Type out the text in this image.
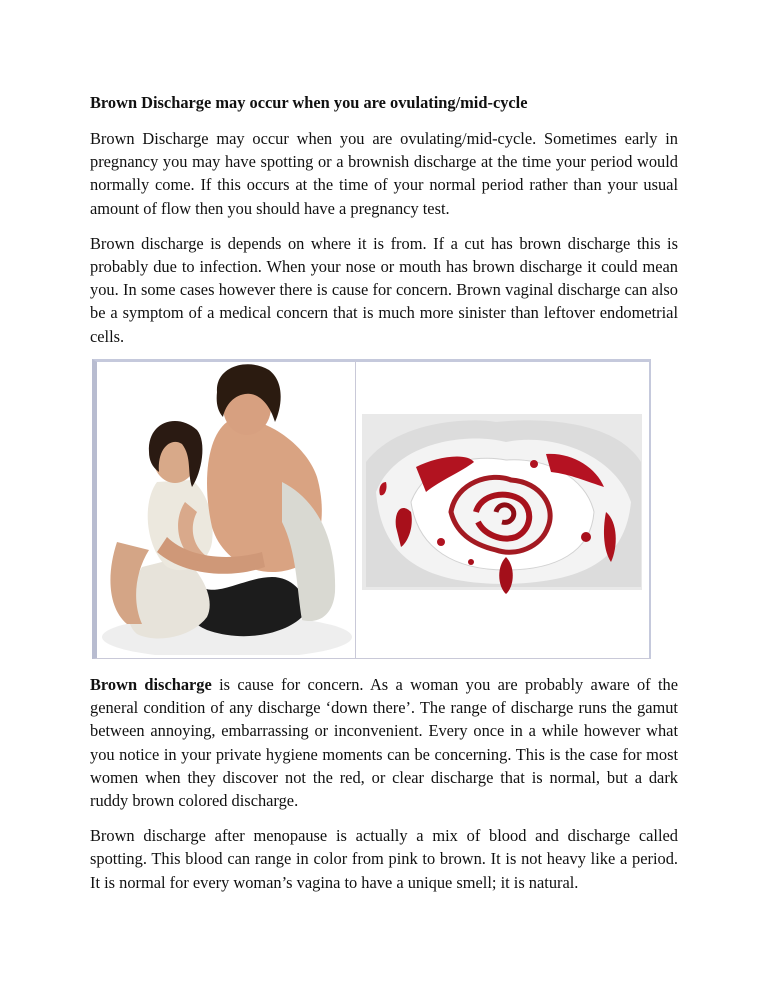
Brown Discharge may occur when you are ovulating/mid-cycle

Brown Discharge may occur when you are ovulating/mid-cycle. Sometimes early in pregnancy you may have spotting or a brownish discharge at the time your period would normally come. If this occurs at the time of your normal period rather than your usual amount of flow then you should have a pregnancy test.

Brown discharge is depends on where it is from. If a cut has brown discharge this is probably due to infection. When your nose or mouth has brown discharge it could mean you. In some cases however there is cause for concern. Brown vaginal discharge can also be a symptom of a medical concern that is much more sinister than leftover endometrial cells.

Brown discharge is cause for concern. As a woman you are probably aware of the general condition of any discharge ‘down there’. The range of discharge runs the gamut between annoying, embarrassing or inconvenient. Every once in a while however what you notice in your private hygiene moments can be concerning. This is the case for most women when they discover not the red, or clear discharge that is normal, but a dark ruddy brown colored discharge.

Brown discharge after menopause is actually a mix of blood and discharge called spotting. This blood can range in color from pink to brown. It is not heavy like a period. It is normal for every woman’s vagina to have a unique smell; it is natural.
